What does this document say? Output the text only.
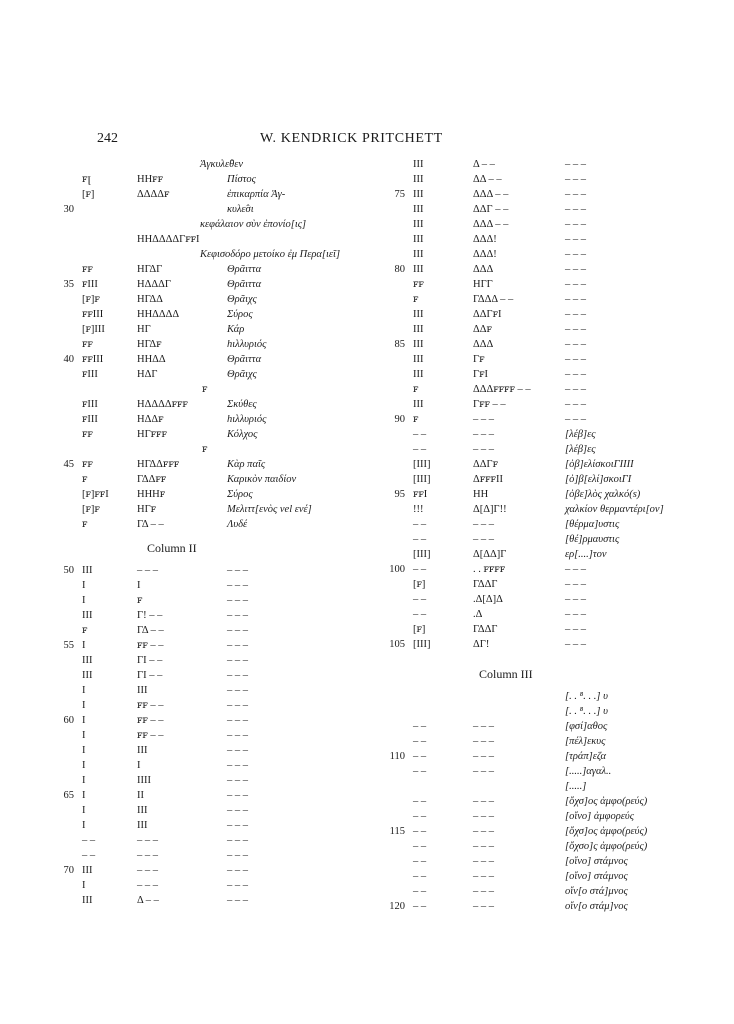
242	W. KENDRICK PRITCHETT
Ἀγκυλε̂θεν
ꜰꞁ	HHꜰꜰ	Πίστος
[ꜰ]	ΔΔΔΔꜰ	ἐπικαρπία Ἀγ-
30	κυλε̂σι
κεφάλαιον σὺν ἐπονίο[ις]
HHΔΔΔΔΓꜰꜰI
Κεφισοδόρο μετοίκο ἐμ Περα[ιεῖ]
ꜰꜰ	HΓΔΓ	Θρᾶιττα
35 ꜰIII	HΔΔΔΓ	Θρᾶιττα
[ꜰ]ꜰ	HΓΔΔ	Θρᾶιχς
ꜰꜰIII	HHΔΔΔΔ	Σύρος
[ꜰ]III	HΓ	Κάρ
ꜰꜰ	HΓΔꜰ	hιλλυριός
40 ꜰꜰIII	HHΔΔ	Θρᾶιττα
ꜰIII	HΔΓ	Θρᾶιχς
ꜰ
ꜰIII	HΔΔΔΔꜰꜰꜰ	Σκύθες
ꜰIII	HΔΔꜰ	hιλλυριός
ꜰꜰ	HΓꜰꜰꜰ	Κόλχος
ꜰ
45 ꜰꜰ	HΓΔΔꜰꜰꜰ	Κὰρ παῖς
ꜰ	ΓΔΔꜰꜰ	Καρικὸν παιδίον
[ꜰ]ꜰꜰI	HHHꜰ	Σύρος
[ꜰ]ꜰ	HΓꜰ	Μελιττ[ενὸς vel ενέ]
ꜰ	ΓΔ – –	Λυδέ
Column II
50 III	– – –	– – –
I	I	– – –
I	ꜰ	– – –
III	Γ! – –	– – –
ꜰ	ΓΔ – –	– – –
55 I	ꜰꜰ – –	– – –
III	ΓI – –	– – –
III	ΓI – –	– – –
I	III	– – –
I	ꜰꜰ – –	– – –
60 I	ꜰꜰ – –	– – –
I	ꜰꜰ – –	– – –
I	III	– – –
I	I	– – –
I	IIII	– – –
65 I	II	– – –
I	III	– – –
I	III	– – –
– –	– – –	– – –
– –	– – –	– – –
70 III	– – –	– – –
I	– – –	– – –
III	Δ – –	– – –
III	Δ – –	– – –
III	ΔΔ – –	– – –
75 III	ΔΔΔ – –	– – –
III	ΔΔΓ – –	– – –
III	ΔΔΔ – –	– – –
III	ΔΔΔ!	– – –
III	ΔΔΔ!	– – –
80 III	ΔΔΔ	– – –
ꜰꜰ	HΓΓ	– – –
ꜰ	ΓΔΔΔ – –	– – –
III	ΔΔΓꜰI	– – –
III	ΔΔꜰ	– – –
85 III	ΔΔΔ	– – –
III	Γꜰ	– – –
III	ΓꜰI	– – –
ꜰ	ΔΔΔꜰꜰꜰꜰ – –	– – –
III	Γꜰꜰ – –	– – –
90 ꜰ	– – –	– – –
– –	– – –	[λέβ]ες
– –	– – –	[λέβ]ες
[III]	ΔΔΓꜰ	[ὀβ]ελίσκοιΓIIII
[III]	ΔꜰꜰꜰII	[ὀ]β[ελί]σκοιΓI
95 ꜰꜰI	HH	[ὀβε]λὸς χαλκό(s)
!!!	Δ[Δ]Γ!!	χαλκίον θερμαντέρι[ον]
– –	– – –	[θέρμα]υστις
– –	– – –	[θέ]ρμαυστις
[III]	Δ[ΔΔ]Γ	ερ[....]τον
100 – –	. . ꜰꜰꜰꜰ	– – –
[ꜰ]	ΓΔΔΓ	– – –
– –	.Δ[Δ]Δ	– – –
– –	.Δ	– – –
[ꜰ]	ΓΔΔΓ	– – –
105 [III]	ΔΓ!	– – –
Column III
[. . ⁸. . .] υ
[. . ⁸. . .] υ
– –	– – –	[φσί]αθος
– –	– – –	[πέλ]εκυς
110 – –	– – –	[τράπ]εζα
– –	– – –	[.....]αγαλ..
[.....]
– –	– – –	[ὄχσ]ος ἀμφο(ρεύς)
– –	– – –	[οἴνο] ἀμφορεύς
115 – –	– – –	[ὄχσ]ος ἀμφο(ρεύς)
– –	– – –	[ὄχσο]ς ἀμφο(ρεύς)
– –	– – –	[οἴνο] στάμνος
– –	– – –	[οἴνο] στάμνος
– –	– – –	οἴν[ο στά]μνος
120 – –	– – –	οἴν[ο στάμ]νος
